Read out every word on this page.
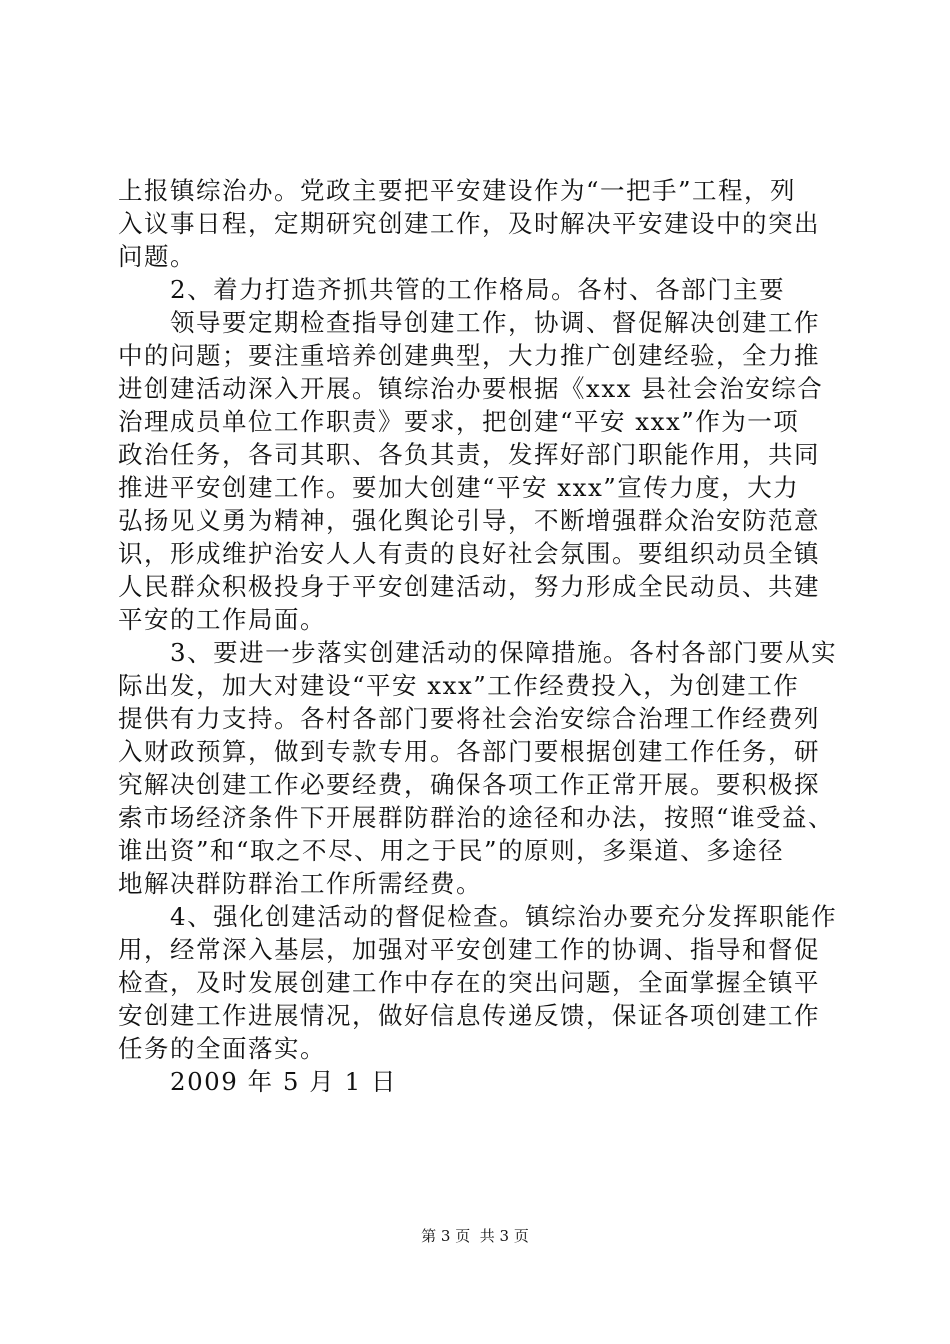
上报镇综治办。党政主要把平安建设作为“一把手”工程，列
入议事日程，定期研究创建工作，及时解决平安建设中的突出
问题。
　　2、着力打造齐抓共管的工作格局。各村、各部门主要
　　领导要定期检查指导创建工作，协调、督促解决创建工作
中的问题；要注重培养创建典型，大力推广创建经验，全力推
进创建活动深入开展。镇综治办要根据《xxx 县社会治安综合
治理成员单位工作职责》要求，把创建“平安 xxx”作为一项
政治任务，各司其职、各负其责，发挥好部门职能作用，共同
推进平安创建工作。要加大创建“平安 xxx”宣传力度，大力
弘扬见义勇为精神，强化舆论引导，不断增强群众治安防范意
识，形成维护治安人人有责的良好社会氛围。要组织动员全镇
人民群众积极投身于平安创建活动，努力形成全民动员、共建
平安的工作局面。
　　3、要进一步落实创建活动的保障措施。各村各部门要从实
际出发，加大对建设“平安 xxx”工作经费投入，为创建工作
提供有力支持。各村各部门要将社会治安综合治理工作经费列
入财政预算，做到专款专用。各部门要根据创建工作任务，研
究解决创建工作必要经费，确保各项工作正常开展。要积极探
索市场经济条件下开展群防群治的途径和办法，按照“谁受益、
谁出资”和“取之不尽、用之于民”的原则，多渠道、多途径
地解决群防群治工作所需经费。
　　4、强化创建活动的督促检查。镇综治办要充分发挥职能作
用，经常深入基层，加强对平安创建工作的协调、指导和督促
检查，及时发展创建工作中存在的突出问题，全面掌握全镇平
安创建工作进展情况，做好信息传递反馈，保证各项创建工作
任务的全面落实。
　　2009 年 5 月 1 日
第 3 页  共 3 页
